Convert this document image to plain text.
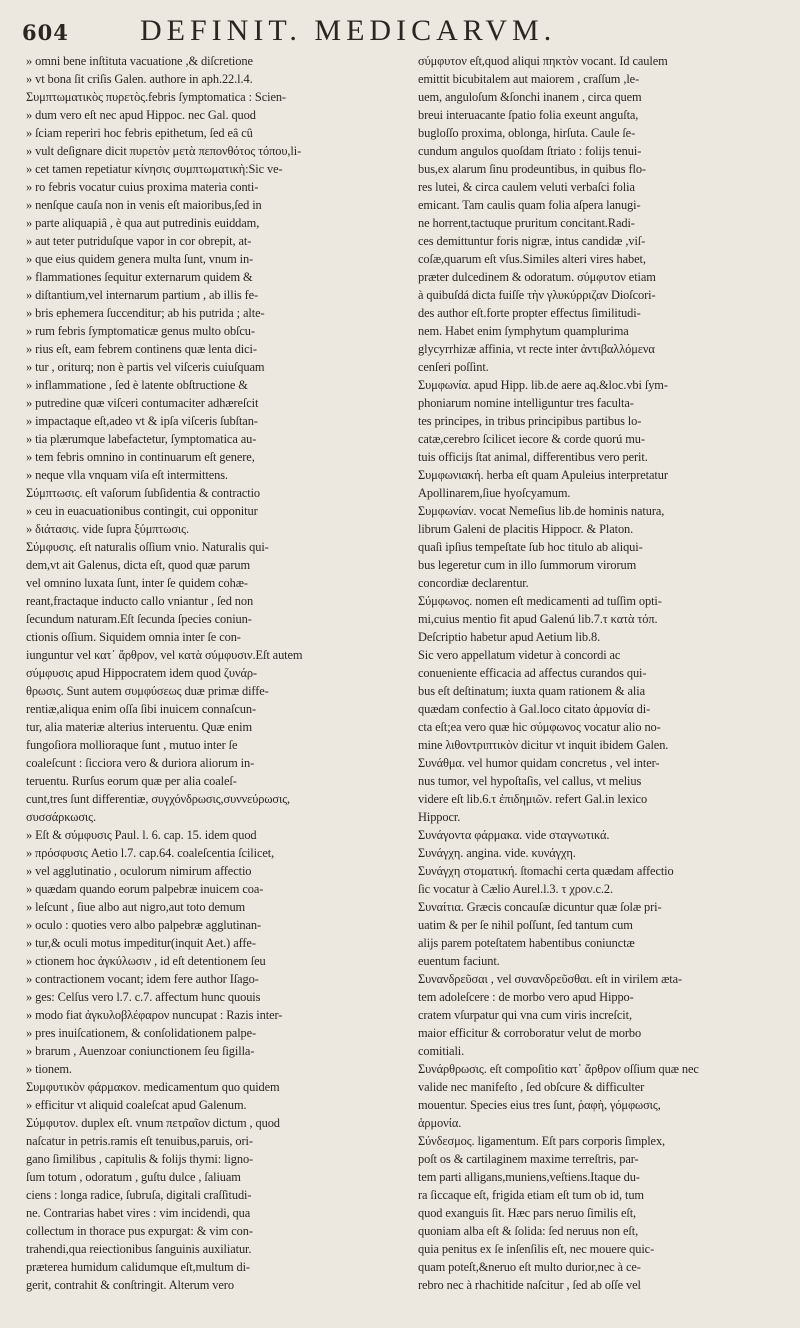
604 DEFINIT. MEDICARVM.
» omni bene inſtituta vacuatione ,& diſcretione
» vt bona ſit criſis Galen. authore in aph.22.l.4.
Συμπτωματικὸς πυρετὸς.febris ſymptomatica : Scien-
» dum vero eſt nec apud Hippoc. nec Gal. quod
» ſciam reperiri hoc febris epithetum, ſed eâ cû
» vult deſignare dicit πυρετὸν μετὰ πεπονθότος τόπου,li-
» cet tamen repetiatur κίνησις συμπτωματικὴ:Sic ve-
» ro febris vocatur cuius proxima materia conti-
» nenſque cauſa non in venis eſt maioribus,ſed in
» parte aliquapiâ , è qua aut putredinis euiddam,
» aut teter putriduſque vapor in cor obrepit, at-
» que eius quidem genera multa ſunt, vnum in-
» flammationes ſequitur externarum quidem &
» diſtantium,vel internarum partium , ab illis fe-
» bris ephemera ſuccenditur; ab his putrida ; alte-
» rum febris ſymptomaticæ genus multo obſcu-
» rius eſt, eam febrem continens quæ lenta dici-
» tur , oriturq; non è partis vel viſceris cuiuſquam
» inflammatione , ſed è latente obſtructione &
» putredine quæ viſceri contumaciter adhæreſcit
» impactaque eſt,adeo vt & ipſa viſceris ſubſtan-
» tia plærumque labefactetur, ſymptomatica au-
» tem febris omnino in continuarum eſt genere,
» neque vlla vnquam viſa eſt intermittens.
Σύμπτωσις. eſt vaſorum ſubſidentia & contractio
» ceu in euacuationibus contingit, cui opponitur
» διάτασις. vide ſupra ξύμπτωσις.
Σύμφυσις. eſt naturalis oſſium vnio. Naturalis qui-
dem,vt ait Galenus, dicta eſt, quod quæ parum
vel omnino luxata ſunt, inter ſe quidem cohæ-
reant,fractaque inducto callo vniantur , ſed non
ſecundum naturam.Eſt ſecunda ſpecies coniun-
ctionis oſſium. Siquidem omnia inter ſe con-
iunguntur vel κατ᾽ ἄρθρον, vel κατὰ σύμφυσιν.Eſt autem
σύμφυσις apud Hippocratem idem quod ζυνάρ-
θρωσις. Sunt autem συμφύσεως duæ primæ diffe-
rentiæ,aliqua enim oſſa ſibi inuicem connaſcun-
tur, alia materiæ alterius interuentu. Quæ enim
fungoſiora mollioraque ſunt , mutuo inter ſe
coaleſcunt : ſicciora vero & duriora aliorum in-
teruentu. Rurſus eorum quæ per alia coaleſ-
cunt,tres ſunt differentiæ, συγχόνδρωσις,συννεύρωσις,
συσσάρκωσις.
» Eſt & σύμφυσις Paul. l. 6. cap. 15. idem quod
» πρόσφυσις Aetio l.7. cap.64. coaleſcentia ſcilicet,
» vel agglutinatio , oculorum nimirum affectio
» quædam quando eorum palpebræ inuicem coa-
» leſcunt , ſiue albo aut nigro,aut toto demum
» oculo : quoties vero albo palpebræ agglutinan-
» tur,& oculi motus impeditur(inquit Aet.) affe-
» ctionem hoc ἀγκύλωσιν , id eſt detentionem ſeu
» contractionem vocant; idem fere author Iſago-
» ges: Celſus vero l.7. c.7. affectum hunc quouis
» modo fiat ἀγκυλοβλέφαρον nuncupat : Razis inter-
» pres inuiſcationem, & conſolidationem palpe-
» brarum , Auenzoar coniunctionem ſeu ſigilla-
» tionem.
Συμφυτικὸν φάρμακον. medicamentum quo quidem
» efficitur vt aliquid coaleſcat apud Galenum.
Σύμφυτον. duplex eſt. vnum πετραῖον dictum , quod
naſcatur in petris.ramis eſt tenuibus,paruis, ori-
gano ſimilibus , capitulis & folijs thymi: ligno-
ſum totum , odoratum , guſtu dulce , ſaliuam
ciens : longa radice, ſubruſa, digitali craſſitudi-
ne. Contrarias habet vires : vim incidendi, qua
collectum in thorace pus expurgat: & vim con-
trahendi,qua reiectionibus ſanguinis auxiliatur.
præterea humidum calidumque eſt,multum di-
gerit, contrahit & conſtringit. Alterum vero
σύμφυτον eſt,quod aliqui πηκτὸν vocant. Id caulem
emittit bicubitalem aut maiorem , craſſum ,le-
uem, anguloſum &ſonchi inanem , circa quem
breui interuacante ſpatio folia exeunt anguſta,
bugloſſo proxima, oblonga, hirſuta. Caule ſe-
cundum angulos quoſdam ſtriato : folijs tenui-
bus,ex alarum ſinu prodeuntibus, in quibus flo-
res lutei, & circa caulem veluti verbaſci folia
emicant. Tam caulis quam folia aſpera lanugi-
ne horrent,tactuque pruritum concitant.Radi-
ces demittuntur foris nigræ, intus candidæ ,viſ-
coſæ,quarum eſt vſus.Similes alteri vires habet,
præter dulcedinem & odoratum. σύμφυτον etiam
à quibuſdá dicta fuiſſe τὴν γλυκύρριζαν Dioſcori-
des author eſt.forte propter effectus ſimilitudi-
nem. Habet enim ſymphytum quamplurima
glycyrrhizæ affinia, vt recte inter ἀντιβαλλόμενα
cenſeri poſſint.
Συμφωνία. apud Hipp. lib.de aere aq.&loc.vbi ſym-
phoniarum nomine intelliguntur tres faculta-
tes principes, in tribus principibus partibus lo-
catæ,cerebro ſcilicet iecore & corde quorú mu-
tuis officijs ſtat animal, differentibus vero perit.
Συμφωνιακή. herba eſt quam Apuleius interpretatur
Apollinarem,ſiue hyoſcyamum.
Συμφωνίαν. vocat Nemeſius lib.de hominis natura,
librum Galeni de placitis Hippocr. & Platon.
quaſi ipſius tempeſtate ſub hoc titulo ab aliqui-
bus legeretur cum in illo ſummorum virorum
concordiæ declarentur.
Σύμφωνος. nomen eſt medicamenti ad tuſſim opti-
mi,cuius mentio fit apud Galenú lib.7.τ κατὰ τόπ.
Deſcriptio habetur apud Aetium lib.8.
Sic vero appellatum videtur à concordi ac
conueniente efficacia ad affectus curandos qui-
bus eſt deſtinatum; iuxta quam rationem & alia
quædam confectio à Gal.loco citato ἁρμονία di-
cta eſt;ea vero quæ hic σύμφωνος vocatur alio no-
mine λιθοντριπτικὸν dicitur vt inquit ibidem Galen.
Συνάθμα. vel humor quidam concretus , vel inter-
nus tumor, vel hypoſtaſis, vel callus, vt melius
videre eſt lib.6.τ ἐπιδημιῶν. refert Gal.in lexico
Hippocr.
Συνάγοντα φάρμακα. vide σταγνωτικά.
Συνάγχη. angina. vide. κυνάγχη.
Συνάγχη στοματική. ſtomachi certa quædam affectio
ſic vocatur à Cælio Aurel.l.3. τ χρον.c.2.
Συναίτια. Græcis concauſæ dicuntur quæ ſolæ pri-
uatim & per ſe nihil poſſunt, ſed tantum cum
alijs parem poteſtatem habentibus coniunctæ
euentum faciunt.
Συνανδρεῦσαι , vel συνανδρεῦσθαι. eſt in virilem æta-
tem adoleſcere : de morbo vero apud Hippo-
cratem vſurpatur qui vna cum viris increſcit,
maior efficitur & corroboratur velut de morbo
comitiali.
Συνάρθρωσις. eſt compoſitio κατ᾽ ἄρθρον oſſium quæ nec
valide nec manifeſto , ſed obſcure & difficulter
mouentur. Species eius tres ſunt, ῥαφὴ, γόμφωσις,
ἁρμονία.
Σύνδεσμος. ligamentum. Eſt pars corporis ſimplex,
poſt os & cartilaginem maxime terreſtris, par-
tem parti alligans,muniens,veſtiens.Itaque du-
ra ſiccaque eſt, frigida etiam eſt tum ob id, tum
quod exanguis ſit. Hæc pars neruo ſimilis eſt,
quoniam alba eſt & ſolida: ſed neruus non eſt,
quia penitus ex ſe inſenſilis eſt, nec mouere quic-
quam poteſt,&neruo eſt multo durior,nec à ce-
rebro nec à rhachitide naſcitur , ſed ab oſſe vel
